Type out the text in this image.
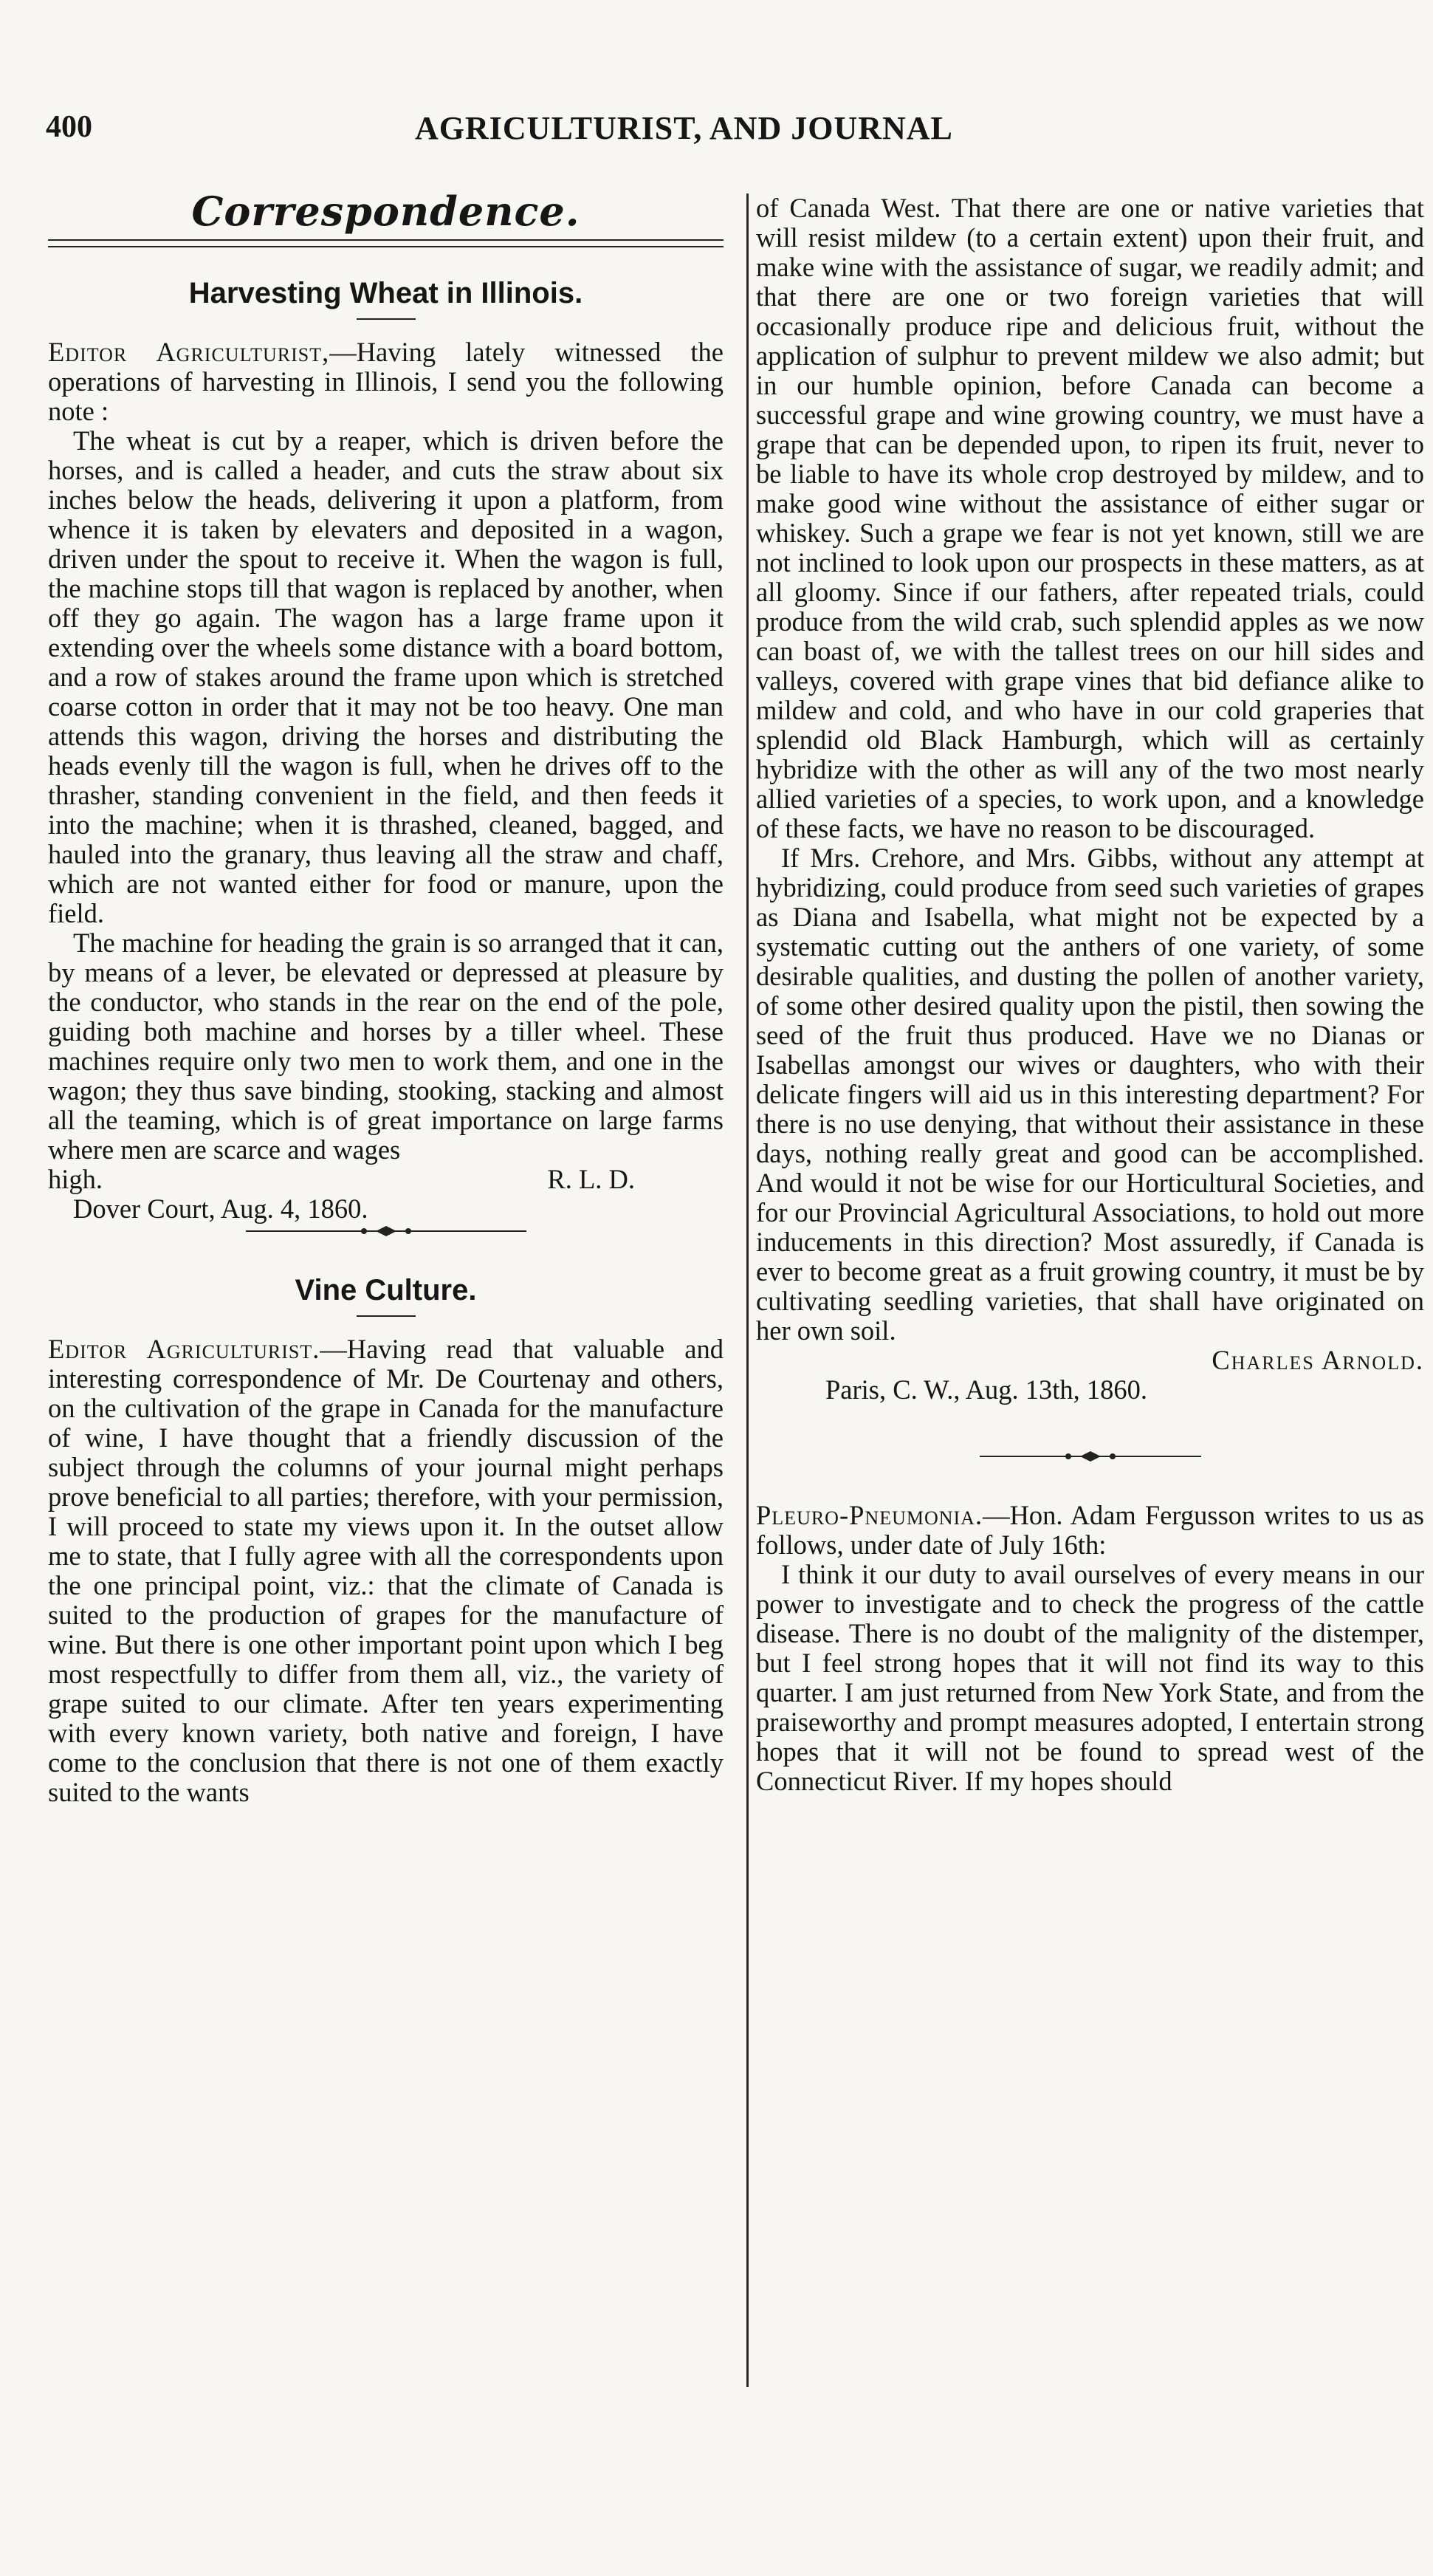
400	AGRICULTURIST, AND JOURNAL
Correspondence.
Harvesting Wheat in Illinois.

Editor Agriculturist,—Having lately witnessed the operations of harvesting in Illinois, I send you the following note :

The wheat is cut by a reaper, which is driven before the horses, and is called a header, and cuts the straw about six inches below the heads, delivering it upon a platform, from whence it is taken by elevaters and deposited in a wagon, driven under the spout to receive it. When the wagon is full, the machine stops till that wagon is replaced by another, when off they go again. The wagon has a large frame upon it extending over the wheels some distance with a board bottom, and a row of stakes around the frame upon which is stretched coarse cotton in order that it may not be too heavy. One man attends this wagon, driving the horses and distributing the heads evenly till the wagon is full, when he drives off to the thrasher, standing convenient in the field, and then feeds it into the machine; when it is thrashed, cleaned, bagged, and hauled into the granary, thus leaving all the straw and chaff, which are not wanted either for food or manure, upon the field.

The machine for heading the grain is so arranged that it can, by means of a lever, be elevated or depressed at pleasure by the conductor, who stands in the rear on the end of the pole, guiding both machine and horses by a tiller wheel. These machines require only two men to work them, and one in the wagon; they thus save binding, stooking, stacking and almost all the teaming, which is of great importance on large farms where men are scarce and wages

high.	R. L. D.

Dover Court, Aug. 4, 1860.

Vine Culture.

Editor Agriculturist.—Having read that valuable and interesting correspondence of Mr. De Courtenay and others, on the cultivation of the grape in Canada for the manufacture of wine, I have thought that a friendly discussion of the subject through the columns of your journal might perhaps prove beneficial to all parties; therefore, with your permission, I will proceed to state my views upon it. In the outset allow me to state, that I fully agree with all the correspondents upon the one principal point, viz.: that the climate of Canada is suited to the production of grapes for the manufacture of wine. But there is one other important point upon which I beg most respectfully to differ from them all, viz., the variety of grape suited to our climate. After ten years experimenting with every known variety, both native and foreign, I have come to the conclusion that there is not one of them exactly suited to the wants

of Canada West. That there are one or native varieties that will resist mildew (to a certain extent) upon their fruit, and make wine with the assistance of sugar, we readily admit; and that there are one or two foreign varieties that will occasionally produce ripe and delicious fruit, without the application of sulphur to prevent mildew we also admit; but in our humble opinion, before Canada can become a successful grape and wine growing country, we must have a grape that can be depended upon, to ripen its fruit, never to be liable to have its whole crop destroyed by mildew, and to make good wine without the assistance of either sugar or whiskey. Such a grape we fear is not yet known, still we are not inclined to look upon our prospects in these matters, as at all gloomy. Since if our fathers, after repeated trials, could produce from the wild crab, such splendid apples as we now can boast of, we with the tallest trees on our hill sides and valleys, covered with grape vines that bid defiance alike to mildew and cold, and who have in our cold graperies that splendid old Black Hamburgh, which will as certainly hybridize with the other as will any of the two most nearly allied varieties of a species, to work upon, and a knowledge of these facts, we have no reason to be discouraged.

If Mrs. Crehore, and Mrs. Gibbs, without any attempt at hybridizing, could produce from seed such varieties of grapes as Diana and Isabella, what might not be expected by a systematic cutting out the anthers of one variety, of some desirable qualities, and dusting the pollen of another variety, of some other desired quality upon the pistil, then sowing the seed of the fruit thus produced. Have we no Dianas or Isabellas amongst our wives or daughters, who with their delicate fingers will aid us in this interesting department? For there is no use denying, that without their assistance in these days, nothing really great and good can be accomplished. And would it not be wise for our Horticultural Societies, and for our Provincial Agricultural Associations, to hold out more inducements in this direction? Most assuredly, if Canada is ever to become great as a fruit growing country, it must be by cultivating seedling varieties, that shall have originated on her own soil.

Charles Arnold.
Paris, C. W., Aug. 13th, 1860.

Pleuro-Pneumonia.—Hon. Adam Fergusson writes to us as follows, under date of July 16th:

I think it our duty to avail ourselves of every means in our power to investigate and to check the progress of the cattle disease. There is no doubt of the malignity of the distemper, but I feel strong hopes that it will not find its way to this quarter. I am just returned from New York State, and from the praiseworthy and prompt measures adopted, I entertain strong hopes that it will not be found to spread west of the Connecticut River. If my hopes should
